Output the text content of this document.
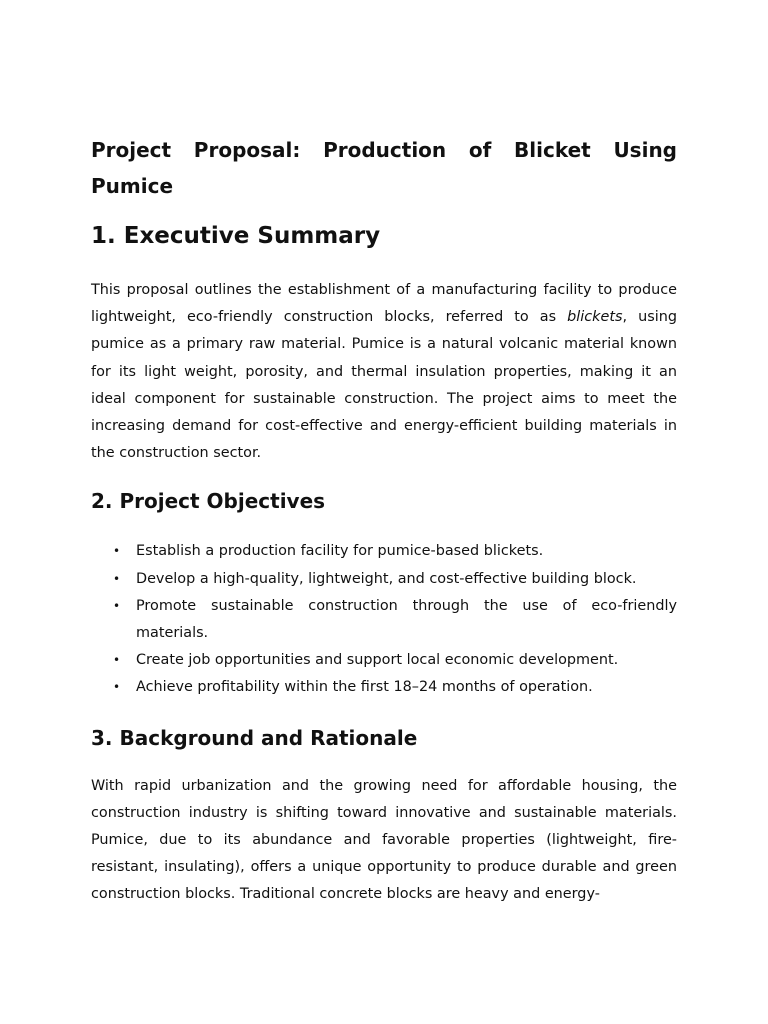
Project Proposal: Production of Blicket Using Pumice
1. Executive Summary

This proposal outlines the establishment of a manufacturing facility to produce lightweight, eco-friendly construction blocks, referred to as blickets, using pumice as a primary raw material. Pumice is a natural volcanic material known for its light weight, porosity, and thermal insulation properties, making it an ideal component for sustainable construction. The project aims to meet the increasing demand for cost-effective and energy-efficient building materials in the construction sector.

2. Project Objectives
• Establish a production facility for pumice-based blickets.
• Develop a high-quality, lightweight, and cost-effective building block.
• Promote sustainable construction through the use of eco-friendly materials.
• Create job opportunities and support local economic development.
• Achieve profitability within the first 18–24 months of operation.
3. Background and Rationale

With rapid urbanization and the growing need for affordable housing, the construction industry is shifting toward innovative and sustainable materials. Pumice, due to its abundance and favorable properties (lightweight, fire-resistant, insulating), offers a unique opportunity to produce durable and green construction blocks. Traditional concrete blocks are heavy and energy-
